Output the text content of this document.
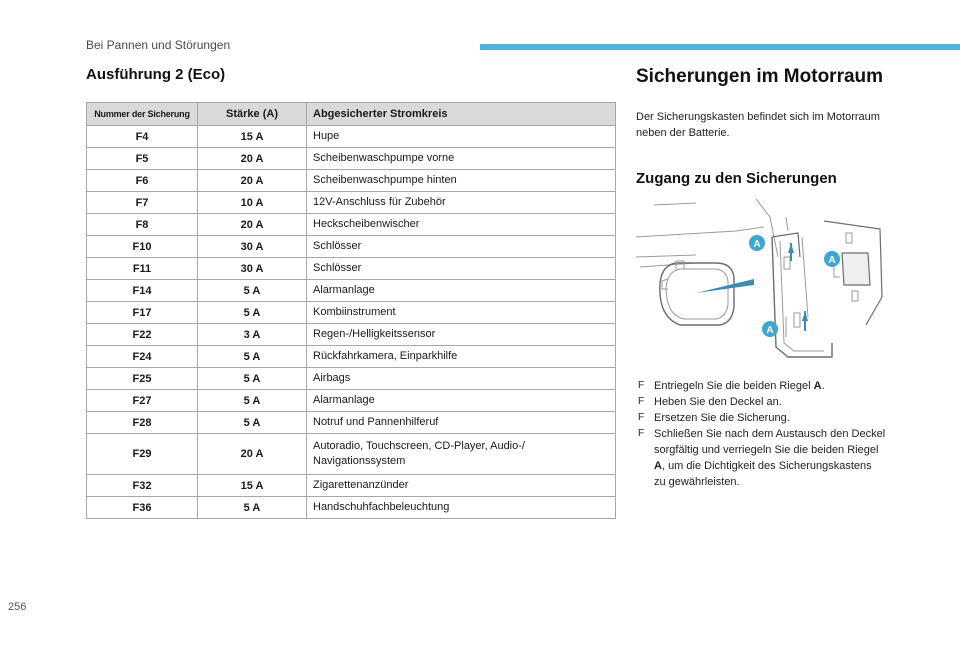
Bei Pannen und Störungen
Ausführung 2 (Eco)
Nummer der Sicherung	Stärke (A)	Abgesicherter Stromkreis
F4	15 A	Hupe
F5	20 A	Scheibenwaschpumpe vorne
F6	20 A	Scheibenwaschpumpe hinten
F7	10 A	12V-Anschluss für Zubehör
F8	20 A	Heckscheibenwischer
F10	30 A	Schlösser
F11	30 A	Schlösser
F14	5 A	Alarmanlage
F17	5 A	Kombiinstrument
F22	3 A	Regen-/Helligkeitssensor
F24	5 A	Rückfahrkamera, Einparkhilfe
F25	5 A	Airbags
F27	5 A	Alarmanlage
F28	5 A	Notruf und Pannenhilferuf
F29	20 A	Autoradio, Touchscreen, CD-Player, Audio-/
Navigationssystem
F32	15 A	Zigarettenanzünder
F36	5 A	Handschuhfachbeleuchtung
Sicherungen im Motorraum
Der Sicherungskasten befindet sich im Motorraum neben der Batterie.
Zugang zu den Sicherungen
A
A
A
F Entriegeln Sie die beiden Riegel A.
F Heben Sie den Deckel an.
F Ersetzen Sie die Sicherung.
F Schließen Sie nach dem Austausch den Deckel sorgfältig und verriegeln Sie die beiden Riegel A, um die Dichtigkeit des Sicherungskastens zu gewährleisten.
256
